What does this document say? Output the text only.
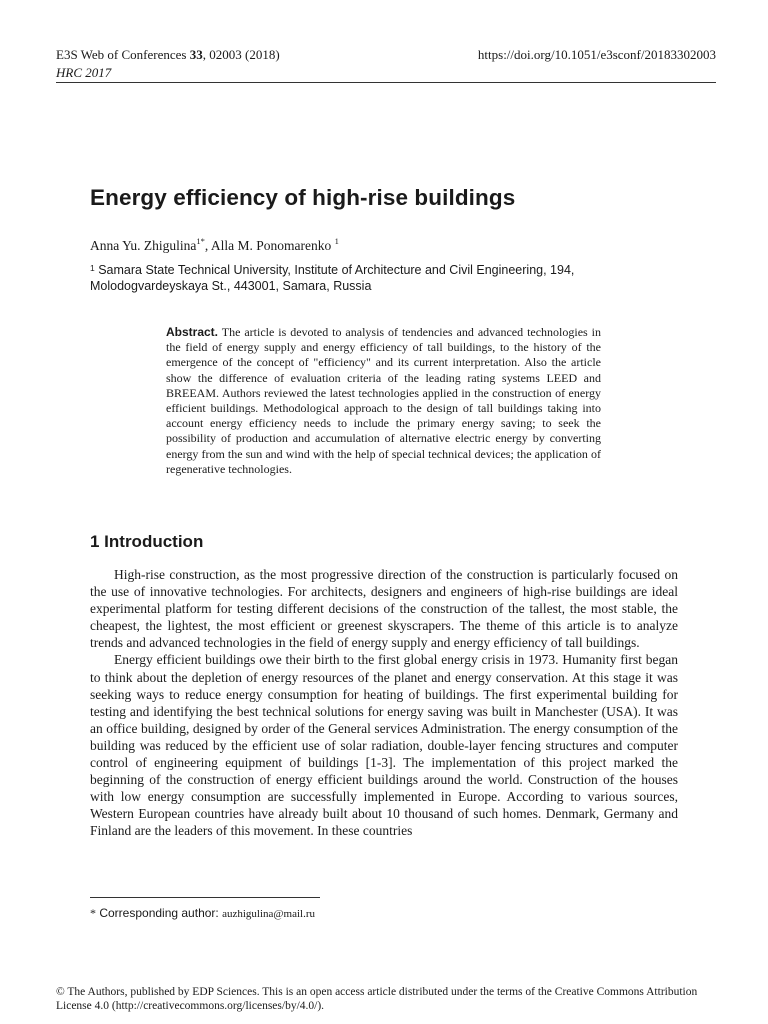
E3S Web of Conferences 33, 02003 (2018)
HRC 2017
https://doi.org/10.1051/e3sconf/20183302003
Energy efficiency of high-rise buildings
Anna Yu. Zhigulina$^{1*}$, Alla M. Ponomarenko $^1$
$^1$ Samara State Technical University, Institute of Architecture and Civil Engineering, 194, Molodogvardeyskaya St., 443001, Samara, Russia
Abstract. The article is devoted to analysis of tendencies and advanced technologies in the field of energy supply and energy efficiency of tall buildings, to the history of the emergence of the concept of "efficiency" and its current interpretation. Also the article show the difference of evaluation criteria of the leading rating systems LEED and BREEAM. Authors reviewed the latest technologies applied in the construction of energy efficient buildings. Methodological approach to the design of tall buildings taking into account energy efficiency needs to include the primary energy saving; to seek the possibility of production and accumulation of alternative electric energy by converting energy from the sun and wind with the help of special technical devices; the application of regenerative technologies.
1 Introduction

High-rise construction, as the most progressive direction of the construction is particularly focused on the use of innovative technologies. For architects, designers and engineers of high-rise buildings are ideal experimental platform for testing different decisions of the construction of the tallest, the most stable, the cheapest, the lightest, the most efficient or greenest skyscrapers. The theme of this article is to analyze trends and advanced technologies in the field of energy supply and energy efficiency of tall buildings.

Energy efficient buildings owe their birth to the first global energy crisis in 1973. Humanity first began to think about the depletion of energy resources of the planet and energy conservation. At this stage it was seeking ways to reduce energy consumption for heating of buildings. The first experimental building for testing and identifying the best technical solutions for energy saving was built in Manchester (USA). It was an office building, designed by order of the General services Administration. The energy consumption of the building was reduced by the efficient use of solar radiation, double-layer fencing structures and computer control of engineering equipment of buildings [1-3]. The implementation of this project marked the beginning of the construction of energy efficient buildings around the world. Construction of the houses with low energy consumption are successfully implemented in Europe. According to various sources, Western European countries have already built about 10 thousand of such homes. Denmark, Germany and Finland are the leaders of this movement. In these countries

* Corresponding author: auzhigulina@mail.ru
© The Authors, published by EDP Sciences. This is an open access article distributed under the terms of the Creative Commons Attribution License 4.0 (http://creativecommons.org/licenses/by/4.0/).
